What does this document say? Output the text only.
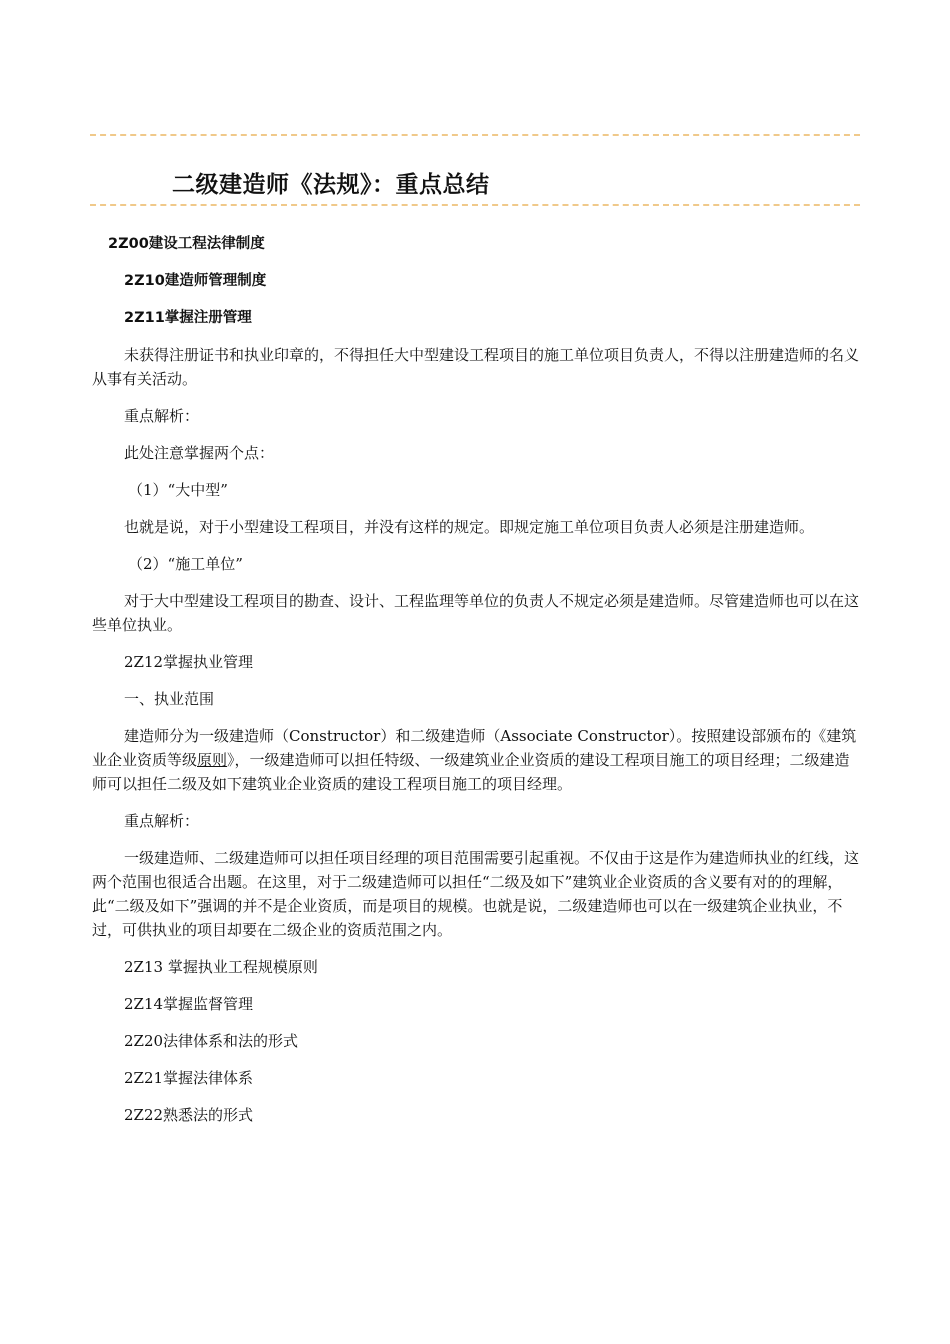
二级建造师《法规》：重点总结

2Z00建设工程法律制度

2Z10建造师管理制度

2Z11掌握注册管理

未获得注册证书和执业印章的，不得担任大中型建设工程项目的施工单位项目负责人，不得以注册建造师的名义从事有关活动。

重点解析：

此处注意掌握两个点：

（1）“大中型”

也就是说，对于小型建设工程项目，并没有这样的规定。即规定施工单位项目负责人必须是注册建造师。

（2）“施工单位”

对于大中型建设工程项目的勘查、设计、工程监理等单位的负责人不规定必须是建造师。尽管建造师也可以在这些单位执业。

2Z12掌握执业管理

一、执业范围

建造师分为一级建造师（Constructor）和二级建造师（Associate Constructor）。按照建设部颁布的《建筑业企业资质等级原则》，一级建造师可以担任特级、一级建筑业企业资质的建设工程项目施工的项目经理；二级建造师可以担任二级及如下建筑业企业资质的建设工程项目施工的项目经理。

重点解析：

一级建造师、二级建造师可以担任项目经理的项目范围需要引起重视。不仅由于这是作为建造师执业的红线，这两个范围也很适合出题。在这里，对于二级建造师可以担任“二级及如下”建筑业企业资质的含义要有对的的理解，此“二级及如下”强调的并不是企业资质，而是项目的规模。也就是说，二级建造师也可以在一级建筑企业执业，不过，可供执业的项目却要在二级企业的资质范围之内。

2Z13 掌握执业工程规模原则

2Z14掌握监督管理

2Z20法律体系和法的形式

2Z21掌握法律体系

2Z22熟悉法的形式
